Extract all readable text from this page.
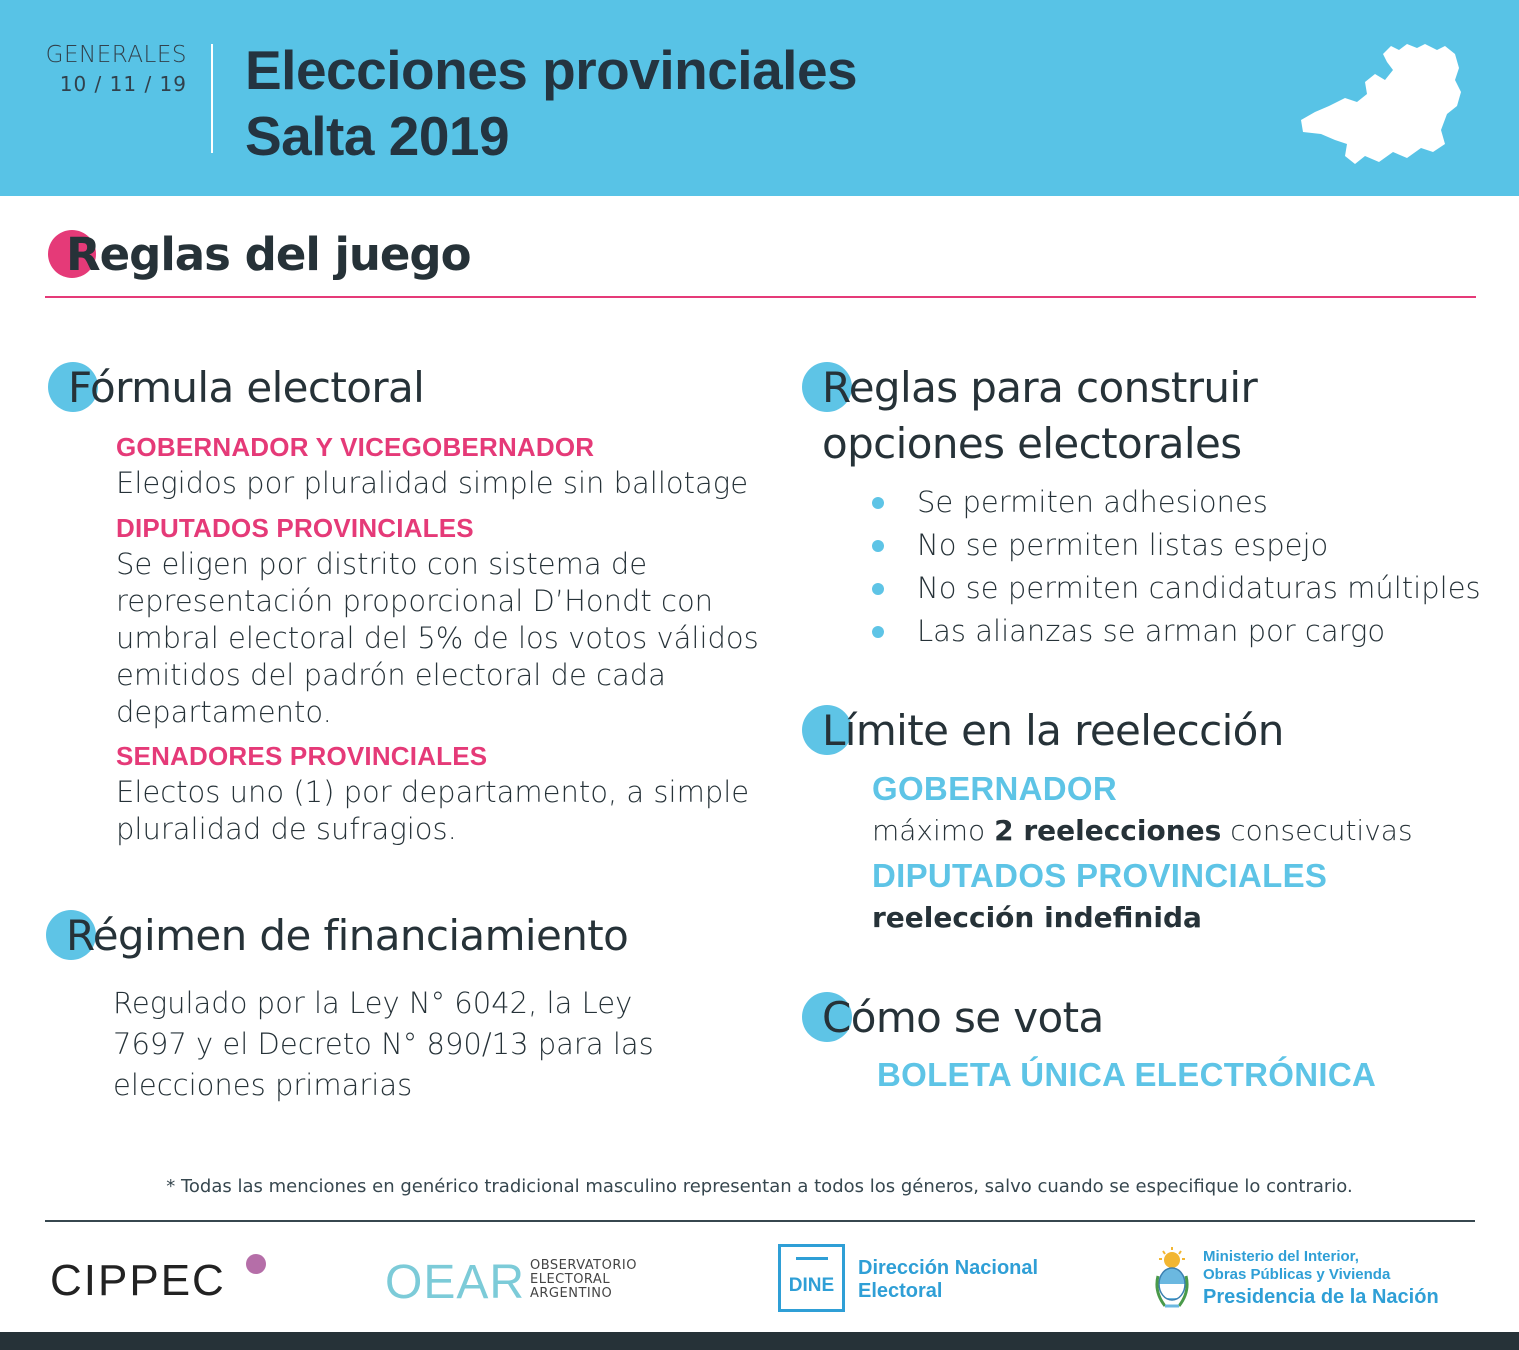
GENERALES
10 / 11 / 19 Elecciones provinciales
Salta 2019
Reglas del juego
Fórmula electoral
GOBERNADOR Y VICEGOBERNADOR
Elegidos por pluralidad simple sin ballotage
DIPUTADOS PROVINCIALES
Se eligen por distrito con sistema de representación proporcional D’Hondt con umbral electoral del 5% de los votos válidos emitidos del padrón electoral de cada departamento.
SENADORES PROVINCIALES
Electos uno (1) por departamento, a simple pluralidad de sufragios.
Régimen de financiamiento
Regulado por la Ley N° 6042, la Ley 7697 y el Decreto N° 890/13 para las elecciones primarias
Reglas para construir
opciones electorales
Se permiten adhesiones
No se permiten listas espejo
No se permiten candidaturas múltiples
Las alianzas se arman por cargo
Límite en la reelección
GOBERNADOR
máximo 2 reelecciones consecutivas
DIPUTADOS PROVINCIALES
reelección indefinida
Cómo se vota
BOLETA ÚNICA ELECTRÓNICA
* Todas las menciones en genérico tradicional masculino representan a todos los géneros, salvo cuando se especifique lo contrario.
CIPPEC	OEAR OBSERVATORIO
ELECTORAL
ARGENTINO	DINE
Dirección Nacional
Electoral
Ministerio del Interior,
Obras Públicas y Vivienda
Presidencia de la Nación
